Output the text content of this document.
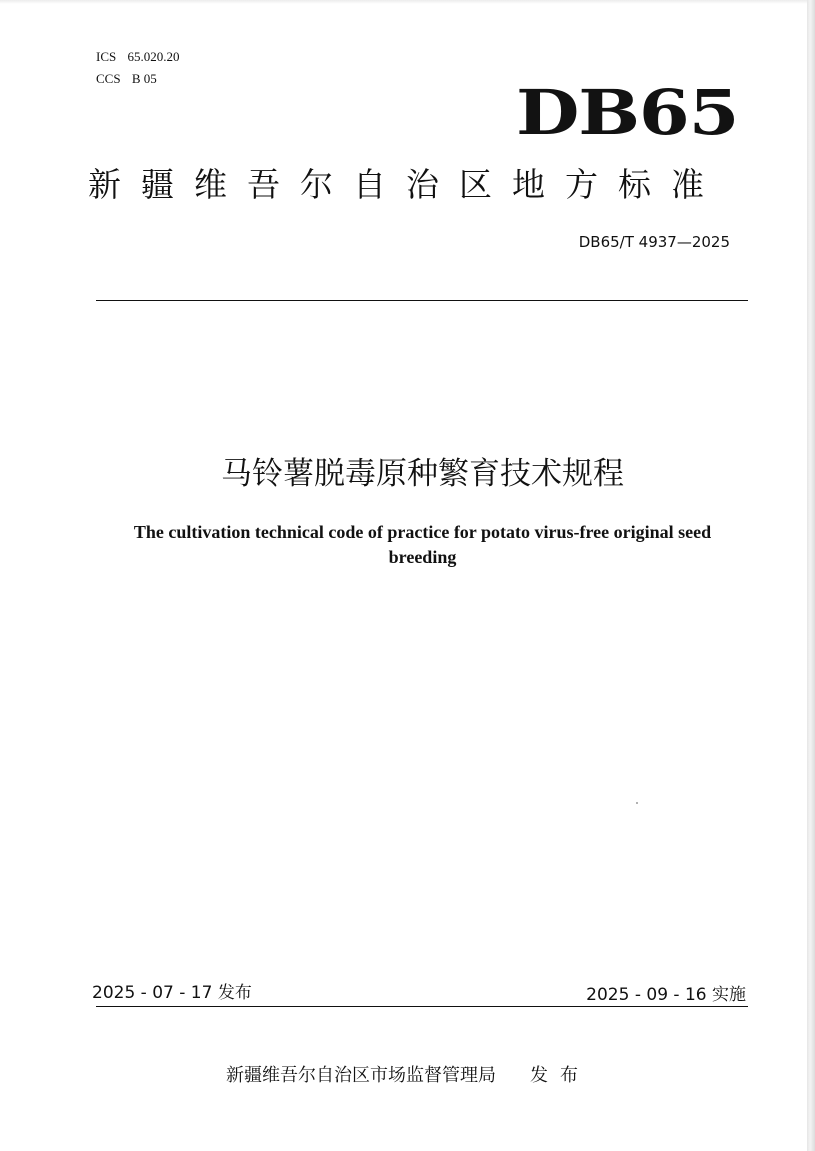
ICS 65.020.20
CCS B 05	DB65
新疆维吾尔自治区地方标准
DB65/T 4937—2025
马铃薯脱毒原种繁育技术规程
The cultivation technical code of practice for potato virus-free original seed breeding
2025 - 07 - 17 发布	2025 - 09 - 16 实施
新疆维吾尔自治区市场监督管理局 发布
